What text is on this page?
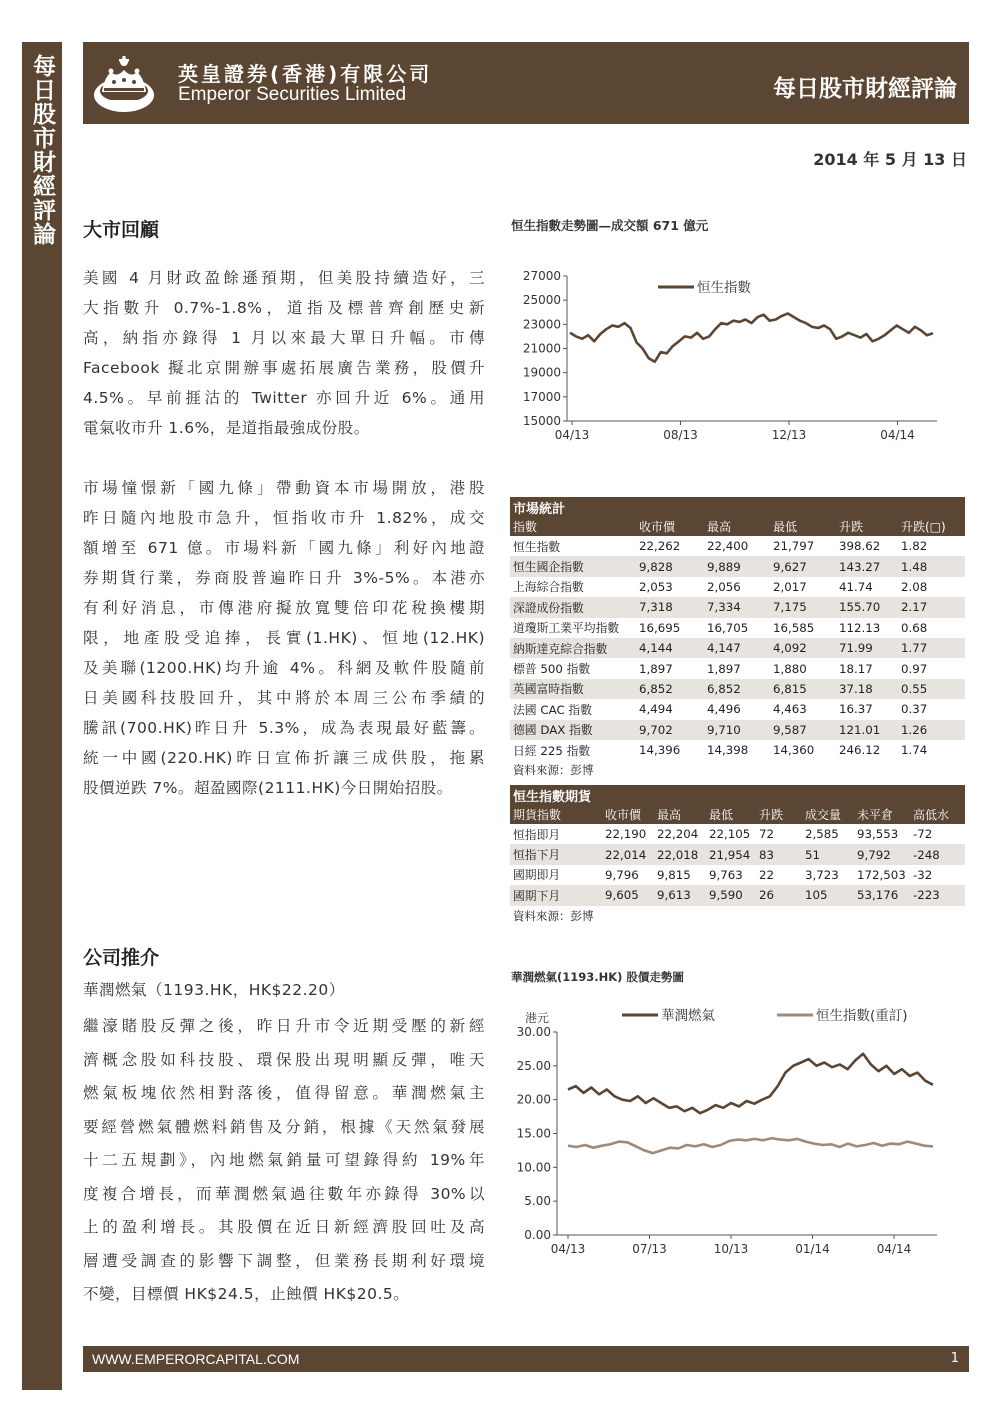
每日股市財經評論	英皇證券(香港)有限公司
Emperor Securities Limited	每日股市財經評論
2014 年 5 月 13 日
大市回顧
美國 4 月財政盈餘遜預期，但美股持續造好，三
大指數升 0.7%-1.8%，道指及標普齊創歷史新
高，納指亦錄得 1 月以來最大單日升幅。市傳
Facebook 擬北京開辦事處拓展廣告業務，股價升
4.5%。早前捱沽的 Twitter 亦回升近 6%。通用
電氣收市升 1.6%，是道指最強成份股。
市場憧憬新「國九條」帶動資本市場開放，港股
昨日隨內地股市急升，恒指收市升 1.82%，成交
額增至 671 億。市場料新「國九條」利好內地證
券期貨行業，券商股普遍昨日升 3%-5%。本港亦
有利好消息，市傳港府擬放寬雙倍印花稅換樓期
限，地產股受追捧，長實(1.HK)、恒地(12.HK)
及美聯(1200.HK)均升逾 4%。科網及軟件股隨前
日美國科技股回升，其中將於本周三公布季績的
騰訊(700.HK)昨日升 5.3%，成為表現最好藍籌。
統一中國(220.HK)昨日宣佈折讓三成供股，拖累
股價逆跌 7%。超盈國際(2111.HK)今日開始招股。
公司推介
華潤燃氣（1193.HK，HK$22.20）
繼濠賭股反彈之後，昨日升市令近期受壓的新經
濟概念股如科技股、環保股出現明顯反彈，唯天
燃氣板塊依然相對落後，值得留意。華潤燃氣主
要經營燃氣體燃料銷售及分銷，根據《天然氣發展
十二五規劃》，內地燃氣銷量可望錄得約 19%年
度複合增長，而華潤燃氣過往數年亦錄得 30%以
上的盈利增長。其股價在近日新經濟股回吐及高
層遭受調查的影響下調整，但業務長期利好環境
不變，目標價 HK$24.5，止蝕價 HK$20.5。
恒生指數走勢圖—成交額 671 億元
27000
25000
23000
21000
19000
17000
15000
04/13	08/13	12/13	04/14
恒生指數
市場統計					
指數	收市價	最高	最低	升跌	升跌(□)
恒生指數	22,262	22,400	21,797	398.62	1.82
恒生國企指數	9,828	9,889	9,627	143.27	1.48
上海綜合指數	2,053	2,056	2,017	41.74	2.08
深證成份指數	7,318	7,334	7,175	155.70	2.17
道瓊斯工業平均指數	16,695	16,705	16,585	112.13	0.68
納斯達克綜合指數	4,144	4,147	4,092	71.99	1.77
標普 500 指數	1,897	1,897	1,880	18.17	0.97
英國富時指數	6,852	6,852	6,815	37.18	0.55
法國 CAC 指數	4,494	4,496	4,463	16.37	0.37
德國 DAX 指數	9,702	9,710	9,587	121.01	1.26
日經 225 指數	14,396	14,398	14,360	246.12	1.74
資料來源：彭博					
恒生指數期貨							
期貨指數	收市價	最高	最低	升跌	成交量	未平倉	高低水
恒指即月	22,190	22,204	22,105	72	2,585	93,553	-72
恒指下月	22,014	22,018	21,954	83	51	9,792	-248
國期即月	9,796	9,815	9,763	22	3,723	172,503	-32
國期下月	9,605	9,613	9,590	26	105	53,176	-223
資料來源：彭博							
華潤燃氣(1193.HK) 股價走勢圖
30.00
25.00
20.00
15.00
10.00
5.00
0.00
04/13	07/13	10/13	01/14	04/14
華潤燃氣	恒生指數(重訂)
港元
WWW.EMPERORCAPITAL.COM	1
